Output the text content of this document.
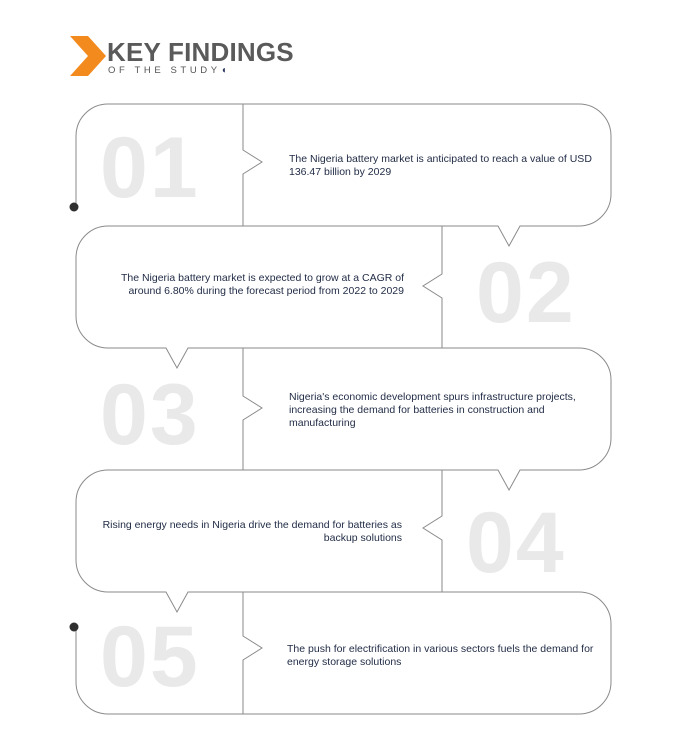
KEY FINDINGS
OF THE STUDY◖
01	The Nigeria battery market is anticipated to reach a value of USD 136.47 billion by 2029
02
The Nigeria battery market is expected to grow at a CAGR of around 6.80% during the forecast period from 2022 to 2029
03	Nigeria's economic development spurs infrastructure projects, increasing the demand for batteries in construction and manufacturing
04
Rising energy needs in Nigeria drive the demand for batteries as backup solutions
05	The push for electrification in various sectors fuels the demand for energy storage solutions
